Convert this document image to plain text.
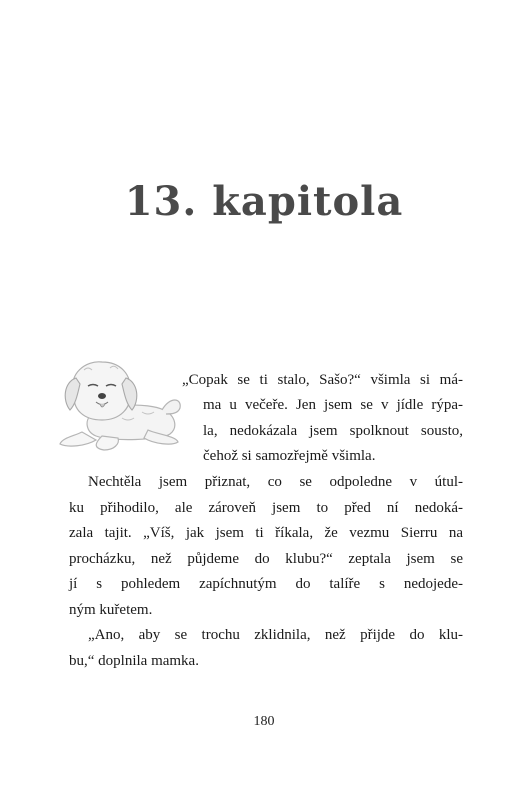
13. kapitola
„Copak se ti stalo, Sašo?“ všimla si má-
ma u večeře. Jen jsem se v jídle rýpa-
la, nedokázala jsem spolknout sousto,
čehož si samozřejmě všimla.
Nechtěla jsem přiznat, co se odpoledne v útul-
ku přihodilo, ale zároveň jsem to před ní nedoká-
zala tajit. „Víš, jak jsem ti říkala, že vezmu Sierru na
procházku, než půjdeme do klubu?“ zeptala jsem se
jí s pohledem zapíchnutým do talíře s nedojede-
ným kuřetem.
„Ano, aby se trochu zklidnila, než přijde do klu-
bu,“ doplnila mamka.
180
